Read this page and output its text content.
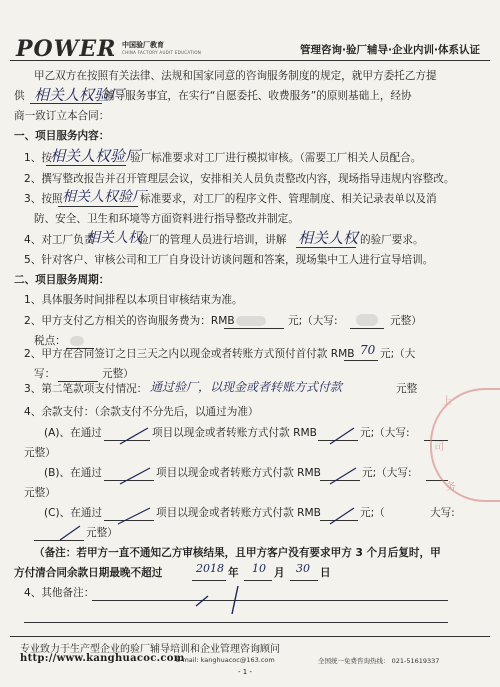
POWER 中国验厂教育
CHINA FACTORY AUDIT EDUCATION	管理咨询·验厂辅导·企业内训·体系认证
甲乙双方在按照有关法律、法规和国家同意的咨询服务制度的规定，就甲方委托乙方提
供 相关人权验厂
辅导服务事宜，在实行“自愿委托、收费服务”的原则基础上，经协
商一致订立本合同：
一、项目服务内容：
1、按
相关人权验厂
验厂标准要求对工厂进行模拟审核。（需要工厂相关人员配合。
2、撰写整改报告并召开管理层会议，安排相关人员负责整改内容，现场指导违规内容整改。
3、按照 相关人权验厂
标准要求，对工厂的程序文件、管理制度、相关记录表单以及消
防、安全、卫生和环境等方面资料进行指导整改并制定。
4、对工厂负责
相关人权
验厂的管理人员进行培训，讲解 相关人权 的验厂要求。
5、针对客户、审核公司和工厂自身设计访谈问题和答案，现场集中工人进行宣导培训。
二、项目服务周期：
1、具体服务时间排程以本项目审核结束为准。
2、甲方支付乙方相关的咨询服务费为：RMB	元;（大写:	元整）
税点：
2、甲方在合同签订之日三天之内以现金或者转账方式预付首付款 RMB 70 元;（大
写：	元整）
3、第二笔款项支付情况： 通过验厂，以现金或者转账方式付款	元整
4、余款支付：（余款支付不分先后，以通过为准）
(A)、在通过	项目以现金或者转账方式付款 RMB	元;（大写:
元整）
(B)、在通过	项目以现金或者转账方式付款 RMB	元;（大写:
元整）
(C)、在通过	项目以现金或者转账方式付款 RMB	元;（	大写:
元整）
（备注：若甲方一直不通知乙方审核结果，且甲方客户没有要求甲方 3 个月后复时，甲
方付清合同余款日期最晚不超过	2018 年 10 月 30 日
4、其他备注：
上
司
务
专业致力于生产型企业的验厂辅导培训和企业管理咨询顾问
http://www.kanghuacoc.com
E-mail: kanghuacoc@163.com	全国统一免费咨询热线： 021-51619337
- 1 -
